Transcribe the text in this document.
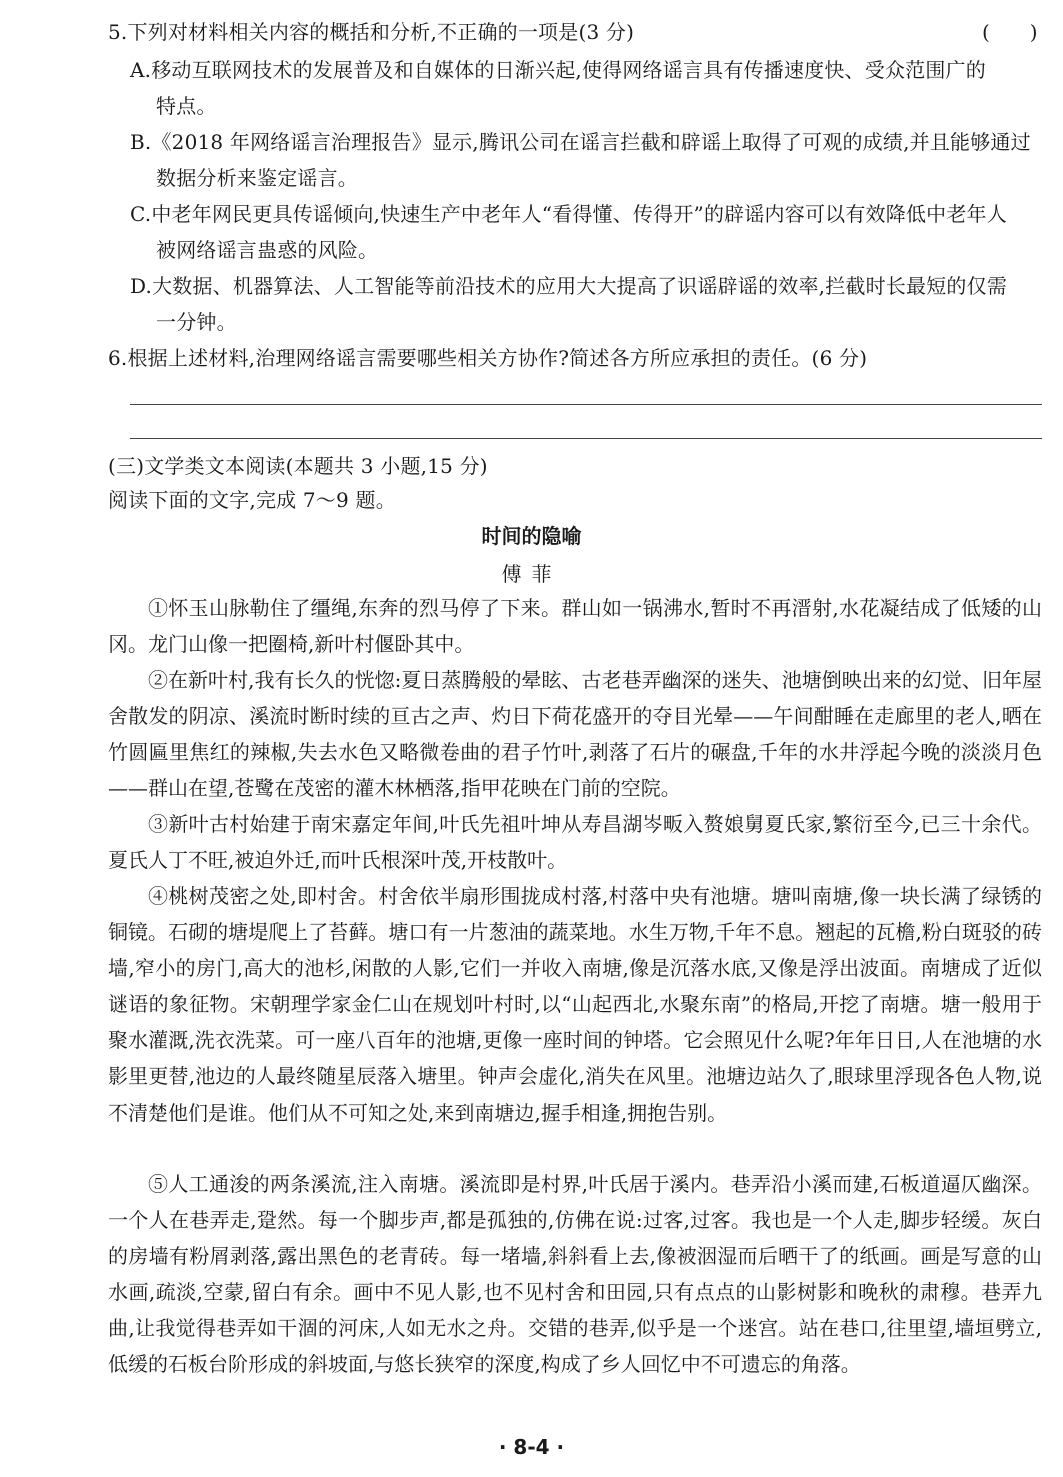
5.下列对材料相关内容的概括和分析,不正确的一项是(3 分)	(　　)
A.移动互联网技术的发展普及和自媒体的日渐兴起,使得网络谣言具有传播速度快、受众范围广的
特点。
B.《2018 年网络谣言治理报告》显示,腾讯公司在谣言拦截和辟谣上取得了可观的成绩,并且能够通过
数据分析来鉴定谣言。
C.中老年网民更具传谣倾向,快速生产中老年人“看得懂、传得开”的辟谣内容可以有效降低中老年人
被网络谣言蛊惑的风险。
D.大数据、机器算法、人工智能等前沿技术的应用大大提高了识谣辟谣的效率,拦截时长最短的仅需
一分钟。
6.根据上述材料,治理网络谣言需要哪些相关方协作?简述各方所应承担的责任。(6 分)
(三)文学类文本阅读(本题共 3 小题,15 分)
阅读下面的文字,完成 7～9 题。
时间的隐喻
傅菲
①怀玉山脉勒住了缰绳,东奔的烈马停了下来。群山如一锅沸水,暂时不再溍射,水花凝结成了低矮的山冈。龙门山像一把圈椅,新叶村偃卧其中。
②在新叶村,我有长久的恍惚:夏日蒸腾般的晕眩、古老巷弄幽深的迷失、池塘倒映出来的幻觉、旧年屋舍散发的阴凉、溪流时断时续的亘古之声、灼日下荷花盛开的夺目光晕——午间酣睡在走廊里的老人,晒在竹圆匾里焦红的辣椒,失去水色又略微卷曲的君子竹叶,剥落了石片的碾盘,千年的水井浮起今晚的淡淡月色——群山在望,苍鹭在茂密的灌木林栖落,指甲花映在门前的空院。
③新叶古村始建于南宋嘉定年间,叶氏先祖叶坤从寿昌湖岑畈入赘娘舅夏氏家,繁衍至今,已三十余代。夏氏人丁不旺,被迫外迁,而叶氏根深叶茂,开枝散叶。
④桃树茂密之处,即村舍。村舍依半扇形围拢成村落,村落中央有池塘。塘叫南塘,像一块长满了绿锈的铜镜。石砌的塘堤爬上了苔藓。塘口有一片葱油的蔬菜地。水生万物,千年不息。翘起的瓦檐,粉白斑驳的砖墙,窄小的房门,高大的池杉,闲散的人影,它们一并收入南塘,像是沉落水底,又像是浮出波面。南塘成了近似谜语的象征物。宋朝理学家金仁山在规划叶村时,以“山起西北,水聚东南”的格局,开挖了南塘。塘一般用于聚水灌溉,洗衣洗菜。可一座八百年的池塘,更像一座时间的钟塔。它会照见什么呢?年年日日,人在池塘的水影里更替,池边的人最终随星辰落入塘里。钟声会虚化,消失在风里。池塘边站久了,眼球里浮现各色人物,说不清楚他们是谁。他们从不可知之处,来到南塘边,握手相逢,拥抱告别。
⑤人工通浚的两条溪流,注入南塘。溪流即是村界,叶氏居于溪内。巷弄沿小溪而建,石板道逼仄幽深。一个人在巷弄走,跫然。每一个脚步声,都是孤独的,仿佛在说:过客,过客。我也是一个人走,脚步轻缓。灰白的房墙有粉屑剥落,露出黑色的老青砖。每一堵墙,斜斜看上去,像被洇湿而后晒干了的纸画。画是写意的山水画,疏淡,空蒙,留白有余。画中不见人影,也不见村舍和田园,只有点点的山影树影和晚秋的肃穆。巷弄九曲,让我觉得巷弄如干涸的河床,人如无水之舟。交错的巷弄,似乎是一个迷宫。站在巷口,往里望,墙垣劈立,低缓的石板台阶形成的斜坡面,与悠长狭窄的深度,构成了乡人回忆中不可遗忘的角落。
· 8-4 ·
